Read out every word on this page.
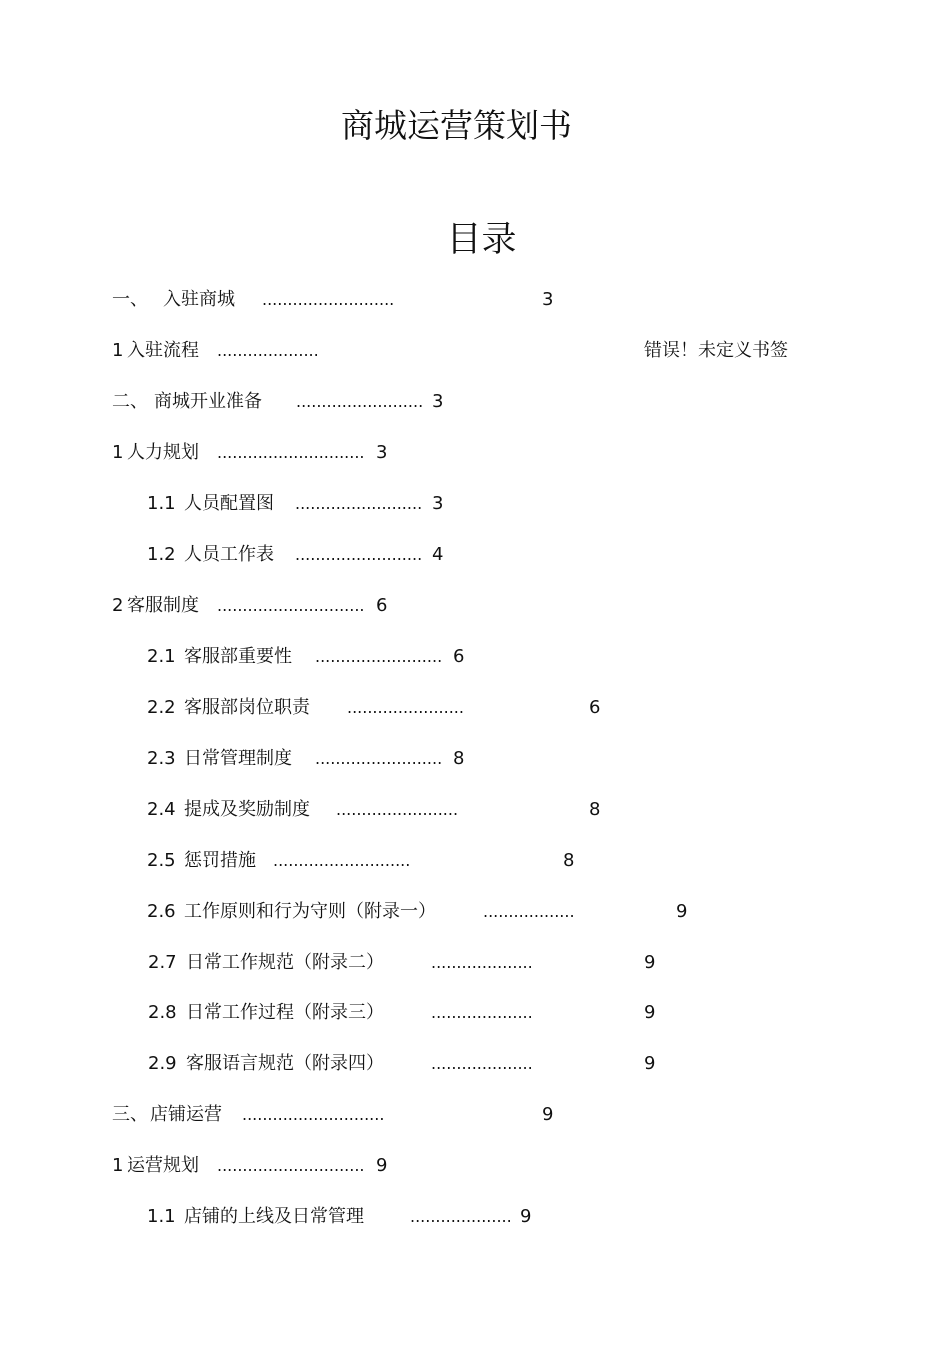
商城运营策划书
目录
一、 入驻商城 ..........................	3
1 入驻流程 ....................	错误！未定义书签
二、 商城开业准备 ......................... 3
1 人力规划 ............................. 3
1.1 人员配置图 ......................... 3
1.2 人员工作表 ......................... 4
2 客服制度 ............................. 6
2.1 客服部重要性 ......................... 6
2.2 客服部岗位职责 .......................	6
2.3 日常管理制度 ......................... 8
2.4 提成及奖励制度 ........................	8
2.5 惩罚措施 ...........................	8
2.6 工作原则和行为守则（附录一）	..................	9
2.7 日常工作规范（附录二）	....................	9
2.8 日常工作过程（附录三）	....................	9
2.9 客服语言规范（附录四）	....................	9
三、 店铺运营 ............................	9
1 运营规划 ............................. 9
1.1 店铺的上线及日常管理	.................... 9
